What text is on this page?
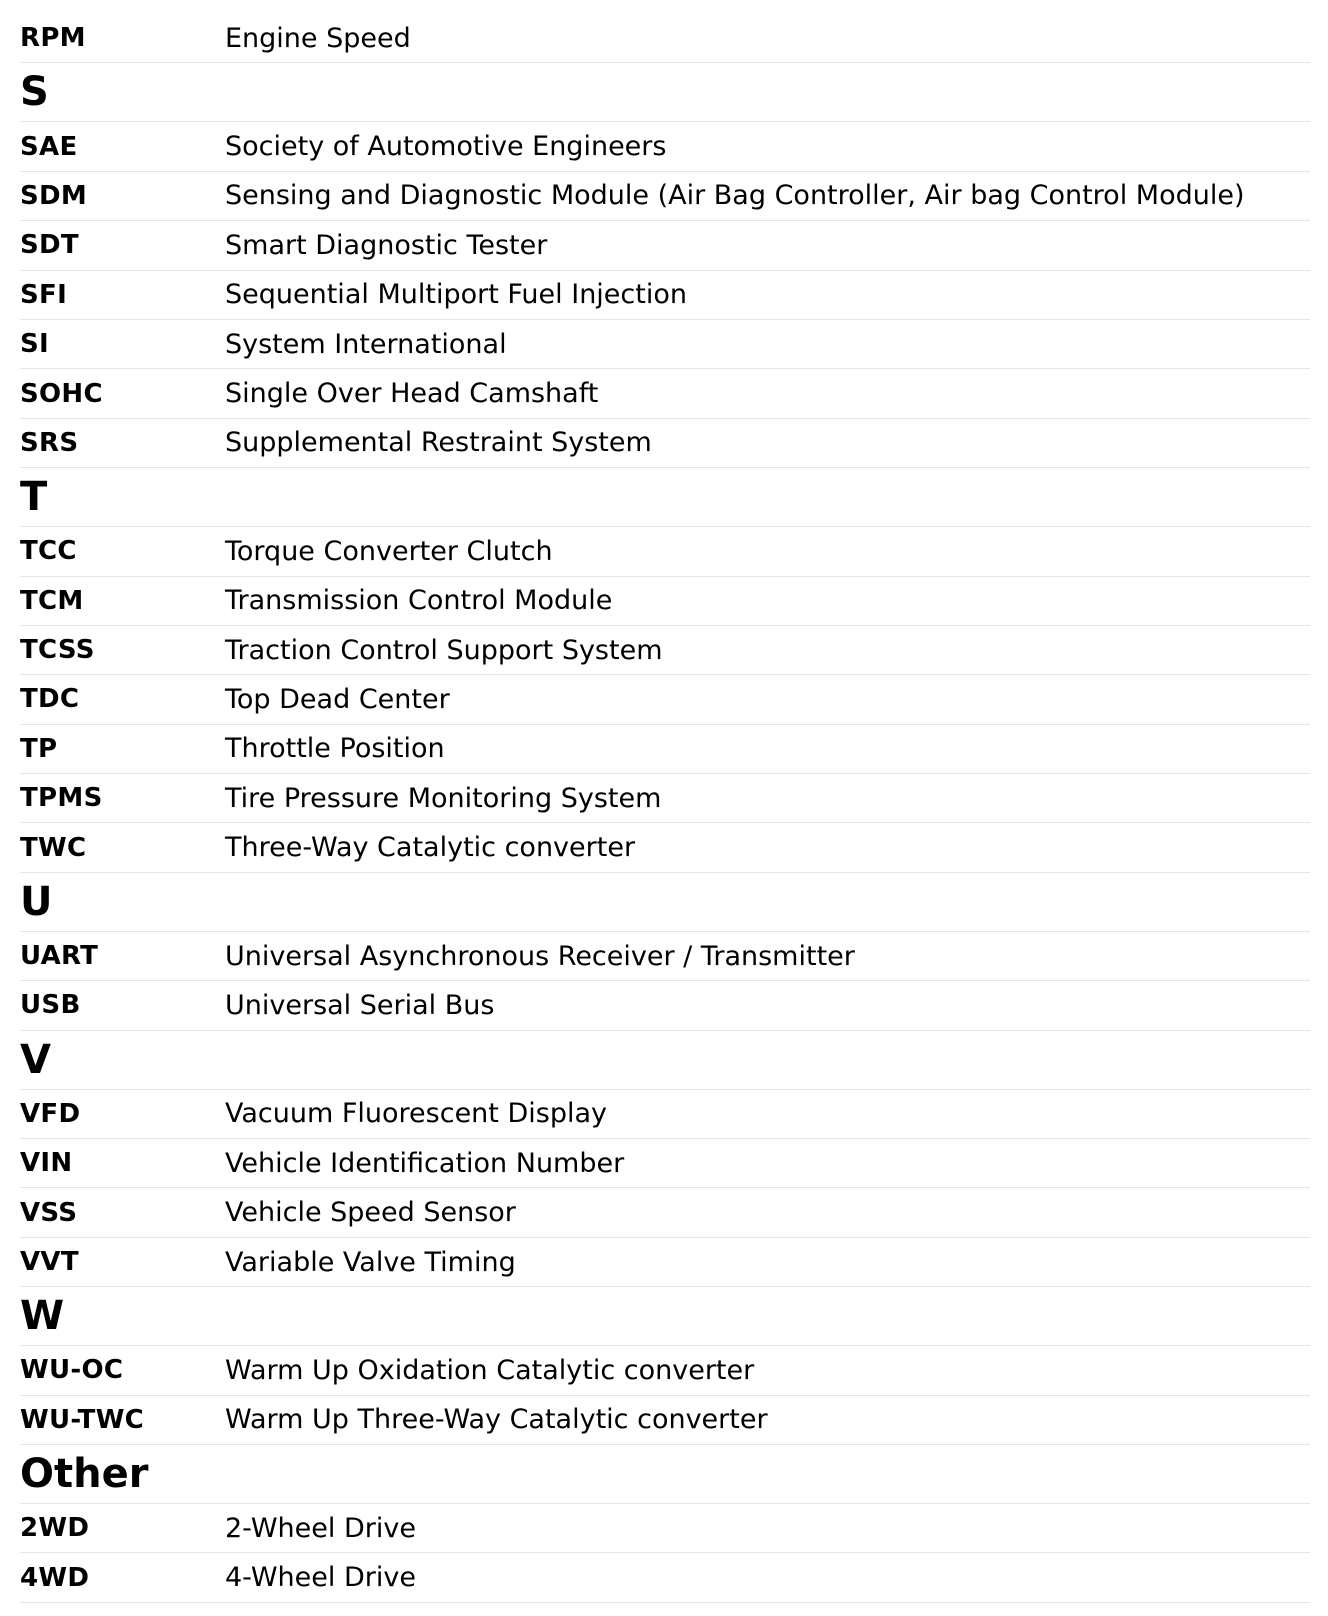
RPM	Engine Speed
S
SAE	Society of Automotive Engineers
SDM	Sensing and Diagnostic Module (Air Bag Controller, Air bag Control Module)
SDT	Smart Diagnostic Tester
SFI	Sequential Multiport Fuel Injection
SI	System International
SOHC	Single Over Head Camshaft
SRS	Supplemental Restraint System
T
TCC	Torque Converter Clutch
TCM	Transmission Control Module
TCSS	Traction Control Support System
TDC	Top Dead Center
TP	Throttle Position
TPMS	Tire Pressure Monitoring System
TWC	Three-Way Catalytic converter
U
UART	Universal Asynchronous Receiver / Transmitter
USB	Universal Serial Bus
V
VFD	Vacuum Fluorescent Display
VIN	Vehicle Identification Number
VSS	Vehicle Speed Sensor
VVT	Variable Valve Timing
W
WU-OC	Warm Up Oxidation Catalytic converter
WU-TWC	Warm Up Three-Way Catalytic converter
Other
2WD	2-Wheel Drive
4WD	4-Wheel Drive
